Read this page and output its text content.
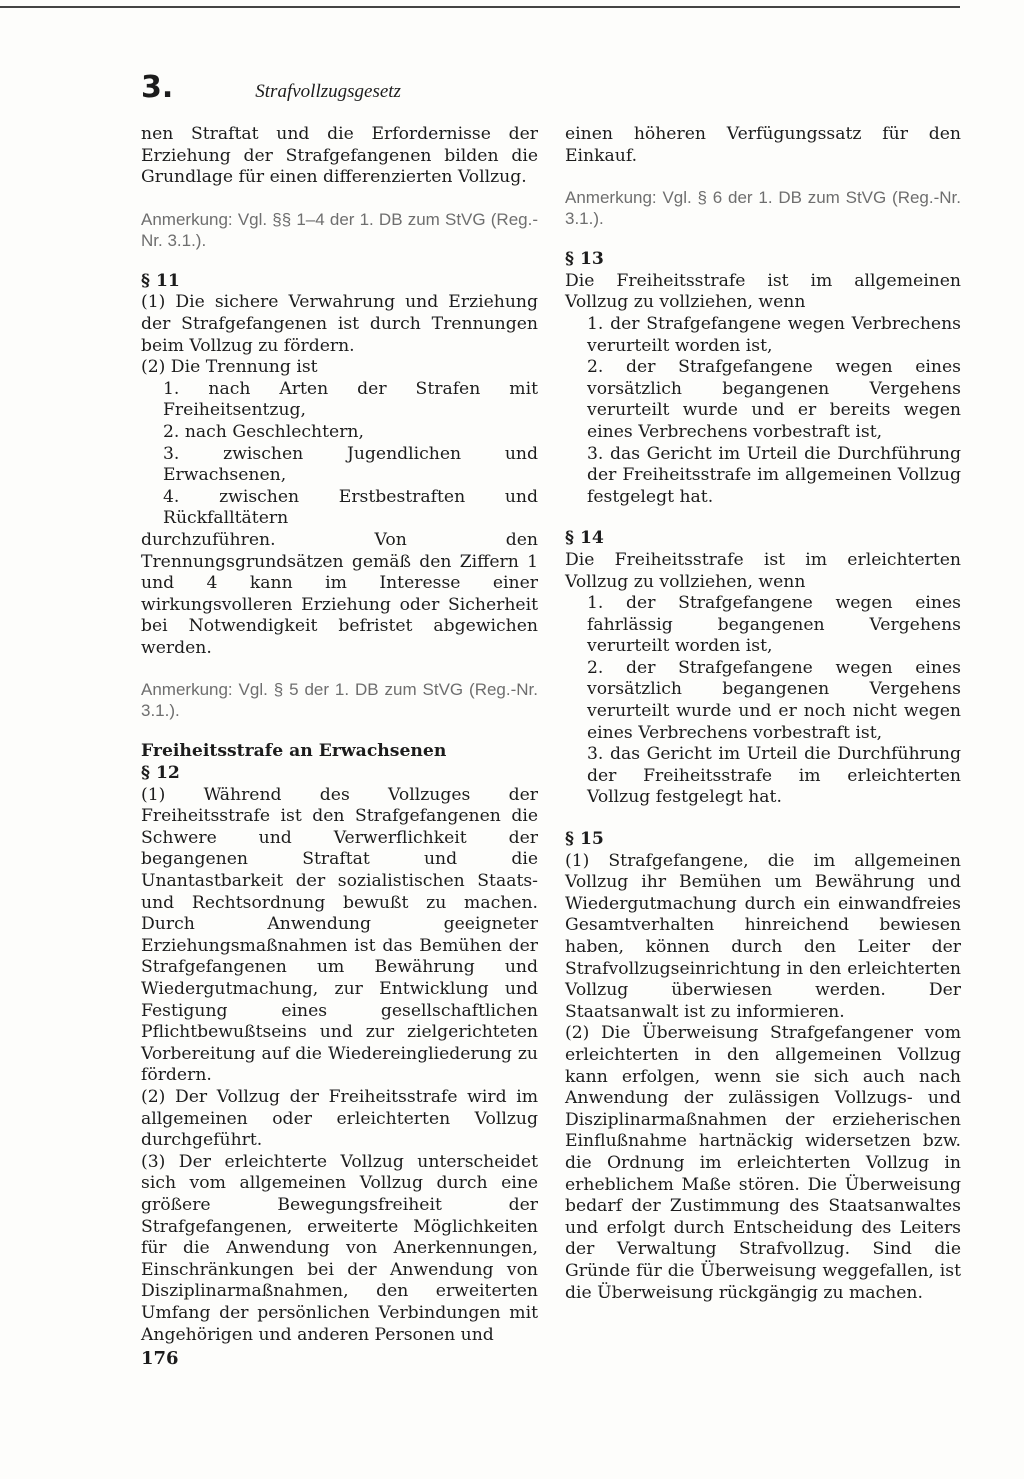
3.	Strafvollzugsgesetz

nen Straftat und die Erfordernisse der Erziehung der Strafgefangenen bilden die Grundlage für einen differenzierten Vollzug.

Anmerkung: Vgl. §§ 1–4 der 1. DB zum StVG (Reg.-Nr. 3.1.).

§ 11

(1) Die sichere Verwahrung und Erziehung der Strafgefangenen ist durch Trennungen beim Vollzug zu fördern.

(2) Die Trennung ist

1. nach Arten der Strafen mit Freiheitsentzug,

2. nach Geschlechtern,

3. zwischen Jugendlichen und Erwachsenen,

4. zwischen Erstbestraften und Rückfalltätern

durchzuführen. Von den Trennungsgrundsätzen gemäß den Ziffern 1 und 4 kann im Interesse einer wirkungsvolleren Erziehung oder Sicherheit bei Notwendigkeit befristet abgewichen werden.

Anmerkung: Vgl. § 5 der 1. DB zum StVG (Reg.-Nr. 3.1.).

Freiheitsstrafe an Erwachsenen

§ 12

(1) Während des Vollzuges der Freiheitsstrafe ist den Strafgefangenen die Schwere und Verwerflichkeit der begangenen Straftat und die Unantastbarkeit der sozialistischen Staats- und Rechtsordnung bewußt zu machen. Durch Anwendung geeigneter Erziehungsmaßnahmen ist das Bemühen der Strafgefangenen um Bewährung und Wiedergutmachung, zur Entwicklung und Festigung eines gesellschaftlichen Pflichtbewußtseins und zur zielgerichteten Vorbereitung auf die Wiedereingliederung zu fördern.

(2) Der Vollzug der Freiheitsstrafe wird im allgemeinen oder erleichterten Vollzug durchgeführt.

(3) Der erleichterte Vollzug unterscheidet sich vom allgemeinen Vollzug durch eine größere Bewegungsfreiheit der Strafgefangenen, erweiterte Möglichkeiten für die Anwendung von Anerkennungen, Einschränkungen bei der Anwendung von Disziplinarmaßnahmen, den erweiterten Umfang der persönlichen Verbindungen mit Angehörigen und anderen Personen und

einen höheren Verfügungssatz für den Einkauf.

Anmerkung: Vgl. § 6 der 1. DB zum StVG (Reg.-Nr. 3.1.).

§ 13

Die Freiheitsstrafe ist im allgemeinen Vollzug zu vollziehen, wenn

1. der Strafgefangene wegen Verbrechens verurteilt worden ist,

2. der Strafgefangene wegen eines vorsätzlich begangenen Vergehens verurteilt wurde und er bereits wegen eines Verbrechens vorbestraft ist,

3. das Gericht im Urteil die Durchführung der Freiheitsstrafe im allgemeinen Vollzug festgelegt hat.

§ 14

Die Freiheitsstrafe ist im erleichterten Vollzug zu vollziehen, wenn

1. der Strafgefangene wegen eines fahrlässig begangenen Vergehens verurteilt worden ist,

2. der Strafgefangene wegen eines vorsätzlich begangenen Vergehens verurteilt wurde und er noch nicht wegen eines Verbrechens vorbestraft ist,

3. das Gericht im Urteil die Durchführung der Freiheitsstrafe im erleichterten Vollzug festgelegt hat.

§ 15

(1) Strafgefangene, die im allgemeinen Vollzug ihr Bemühen um Bewährung und Wiedergutmachung durch ein einwandfreies Gesamtverhalten hinreichend bewiesen haben, können durch den Leiter der Strafvollzugseinrichtung in den erleichterten Vollzug überwiesen werden. Der Staatsanwalt ist zu informieren.

(2) Die Überweisung Strafgefangener vom erleichterten in den allgemeinen Vollzug kann erfolgen, wenn sie sich auch nach Anwendung der zulässigen Vollzugs- und Disziplinarmaßnahmen der erzieherischen Einflußnahme hartnäckig widersetzen bzw. die Ordnung im erleichterten Vollzug in erheblichem Maße stören. Die Überweisung bedarf der Zustimmung des Staatsanwaltes und erfolgt durch Entscheidung des Leiters der Verwaltung Strafvollzug. Sind die Gründe für die Überweisung weggefallen, ist die Überweisung rückgängig zu machen.

176
